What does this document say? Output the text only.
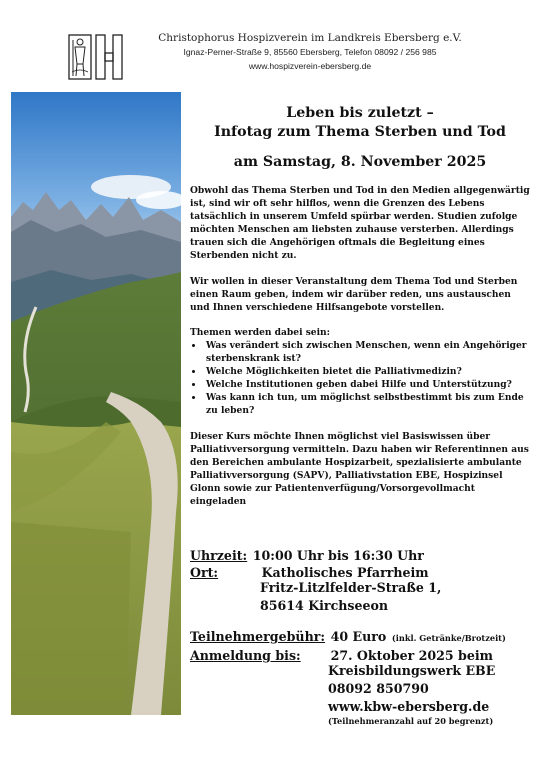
Christophorus Hospizverein im Landkreis Ebersberg e.V.
Ignaz-Perner-Straße 9, 85560 Ebersberg, Telefon 08092 / 256 985
www.hospizverein-ebersberg.de
Leben bis zuletzt –
Infotag zum Thema Sterben und Tod
am Samstag, 8. November 2025

Obwohl das Thema Sterben und Tod in den Medien allgegenwärtig ist, sind wir oft sehr hilflos, wenn die Grenzen des Lebens tatsächlich in unserem Umfeld spürbar werden. Studien zufolge möchten Menschen am liebsten zuhause versterben. Allerdings trauen sich die Angehörigen oftmals die Begleitung eines Sterbenden nicht zu.

Wir wollen in dieser Veranstaltung dem Thema Tod und Sterben einen Raum geben, indem wir darüber reden, uns austauschen und Ihnen verschiedene Hilfsangebote vorstellen.

Themen werden dabei sein:

• Was verändert sich zwischen Menschen, wenn ein Angehöriger sterbenskrank ist?
• Welche Möglichkeiten bietet die Palliativmedizin?
• Welche Institutionen geben dabei Hilfe und Unterstützung?
• Was kann ich tun, um möglichst selbstbestimmt bis zum Ende zu leben?

Dieser Kurs möchte Ihnen möglichst viel Basiswissen über Palliativversorgung vermitteln. Dazu haben wir Referentinnen aus den Bereichen ambulante Hospizarbeit, spezialisierte ambulante Palliativversorgung (SAPV), Palliativstation EBE, Hospizinsel Glonn sowie zur Patientenverfügung/Vorsorgevollmacht eingeladen

Uhrzeit: 10:00 Uhr bis 16:30 Uhr
Ort:	Katholisches Pfarrheim
Fritz-Litzlfelder-Straße 1,
85614 Kirchseeon
Teilnehmergebühr: 40 Euro (inkl. Getränke/Brotzeit)
Anmeldung bis: 27. Oktober 2025 beim
Kreisbildungswerk EBE
08092 850790
www.kbw-ebersberg.de
(Teilnehmeranzahl auf 20 begrenzt)
